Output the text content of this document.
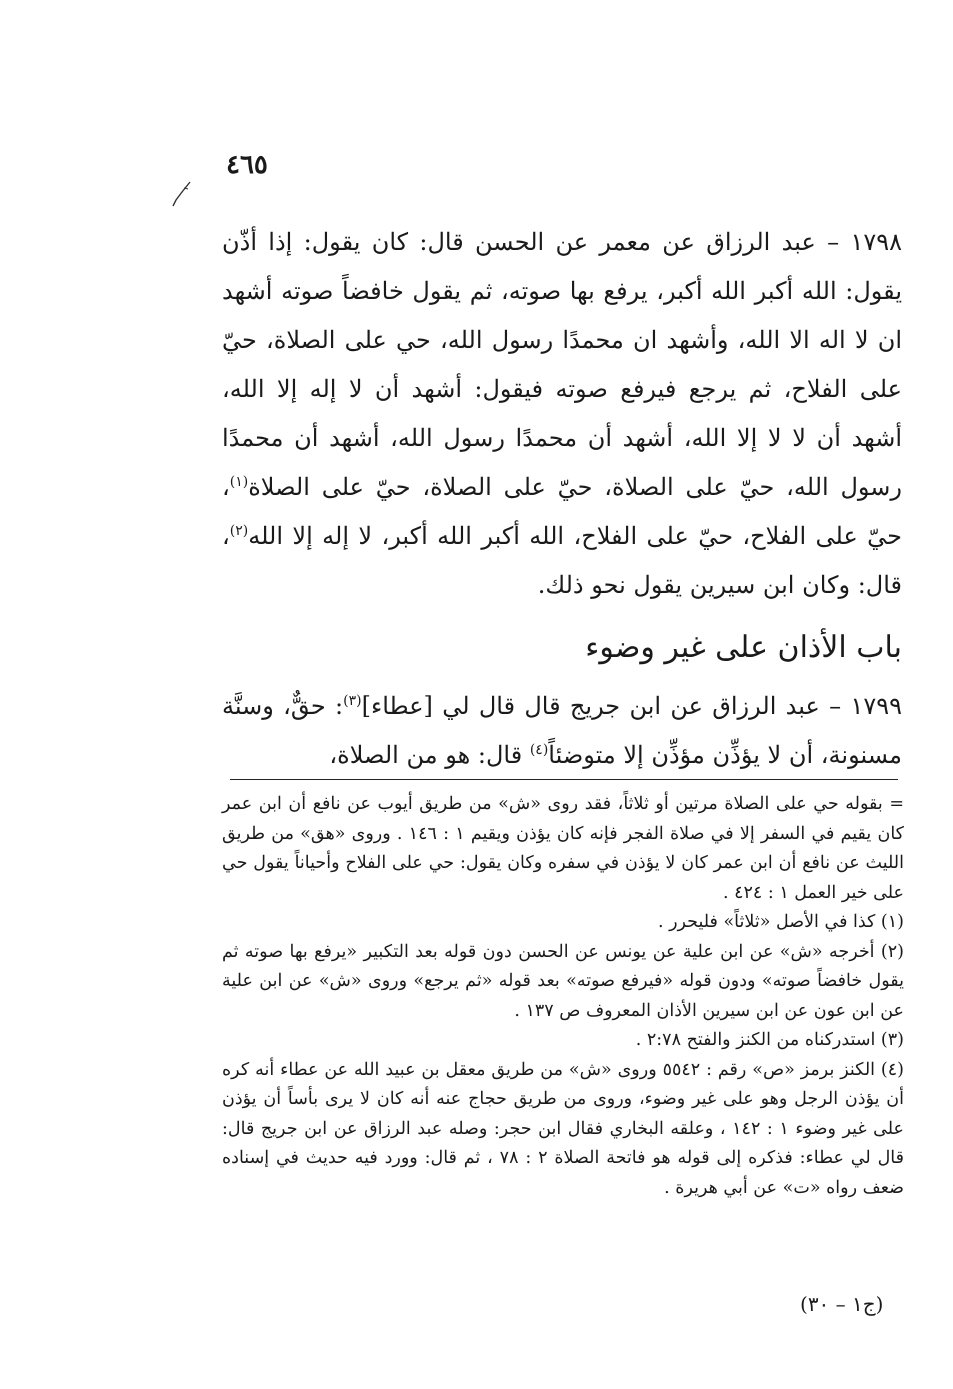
٤٦٥

١٧٩٨ – عبد الرزاق عن معمر عن الحسن قال: كان يقول: إذا أذّن يقول: الله أكبر الله أكبر، يرفع بها صوته، ثم يقول خافضاً صوته أشهد ان لا اله الا الله، وأشهد ان محمدًا رسول الله، حي على الصلاة، حيّ على الفلاح، ثم يرجع فيرفع صوته فيقول: أشهد أن لا إله إلا الله، أشهد أن لا لا إلا الله، أشهد أن محمدًا رسول الله، أشهد أن محمدًا رسول الله، حيّ على الصلاة، حيّ على الصلاة، حيّ على الصلاة$^{(١)}$، حيّ على الفلاح، حيّ على الفلاح، الله أكبر الله أكبر، لا إله إلا الله$^{(٢)}$، قال: وكان ابن سيرين يقول نحو ذلك.

باب الأذان على غير وضوء

١٧٩٩ – عبد الرزاق عن ابن جريج قال قال لي [عطاء]$^{(٣)}$: حقٌّ، وسنَّة مسنونة، أن لا يؤذِّن مؤذِّن إلا متوضئاً$^{(٤)}$ قال: هو من الصلاة،

= بقوله حي على الصلاة مرتين أو ثلاثاً، فقد روى «ش» من طريق أيوب عن نافع أن ابن عمر كان يقيم في السفر إلا في صلاة الفجر فإنه كان يؤذن ويقيم ١ : ١٤٦ . وروى «هق» من طريق الليث عن نافع أن ابن عمر كان لا يؤذن في سفره وكان يقول: حي على الفلاح وأحياناً يقول حي على خير العمل ١ : ٤٢٤ .

(١) كذا في الأصل «ثلاثاً» فليحرر .

(٢) أخرجه «ش» عن ابن علية عن يونس عن الحسن دون قوله بعد التكبير «يرفع بها صوته ثم يقول خافضاً صوته» ودون قوله «فيرفع صوته» بعد قوله «ثم يرجع» وروى «ش» عن ابن علية عن ابن عون عن ابن سيرين الأذان المعروف ص ١٣٧ .

(٣) استدركناه من الكنز والفتح ٢:٧٨ .

(٤) الكنز برمز «ص» رقم : ٥٥٤٢ وروى «ش» من طريق معقل بن عبيد الله عن عطاء أنه كره أن يؤذن الرجل وهو على غير وضوء، وروى من طريق حجاج عنه أنه كان لا يرى بأساً أن يؤذن على غير وضوء ١ : ١٤٢ ، وعلقه البخاري فقال ابن حجر: وصله عبد الرزاق عن ابن جريج قال: قال لي عطاء: فذكره إلى قوله هو فاتحة الصلاة ٢ : ٧٨ ، ثم قال: وورد فيه حديث في إسناده ضعف رواه «ت» عن أبي هريرة .

(ج١ – ٣٠)
